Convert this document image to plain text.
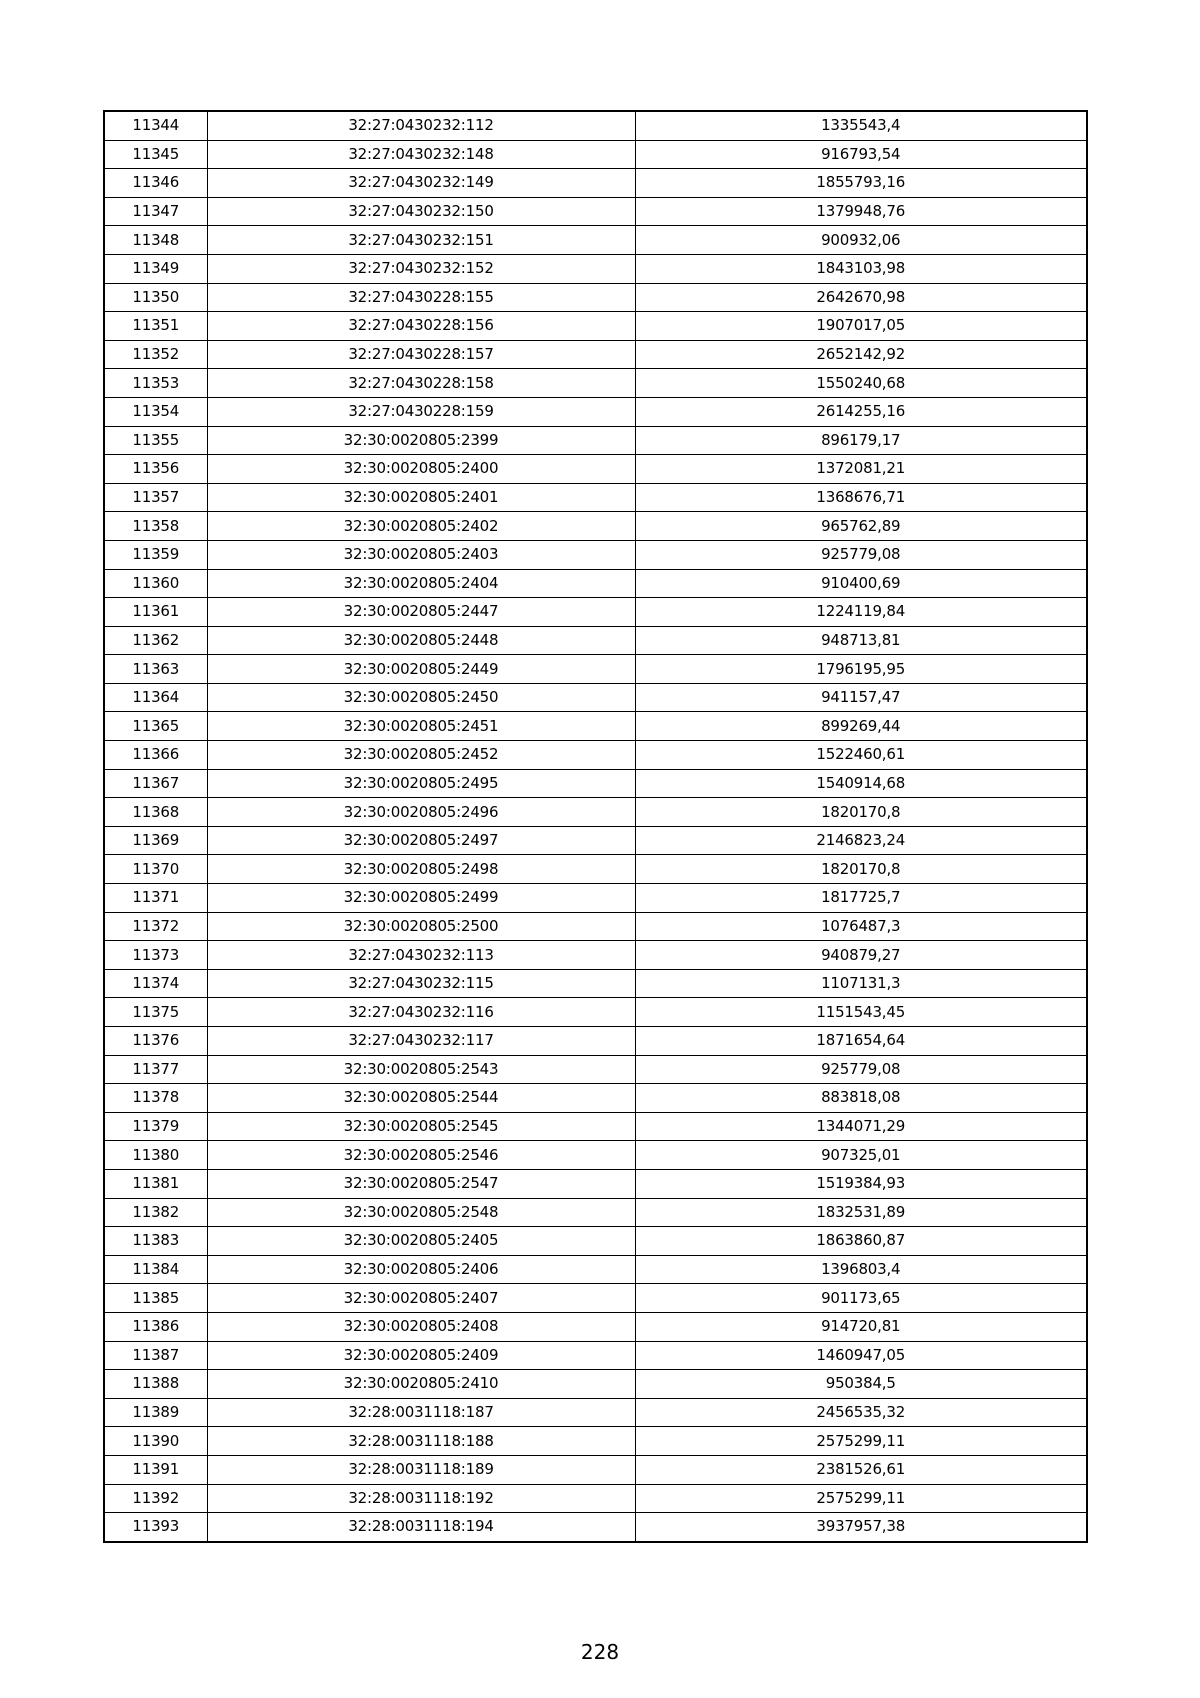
11344	32:27:0430232:112	1335543,4
11345	32:27:0430232:148	916793,54
11346	32:27:0430232:149	1855793,16
11347	32:27:0430232:150	1379948,76
11348	32:27:0430232:151	900932,06
11349	32:27:0430232:152	1843103,98
11350	32:27:0430228:155	2642670,98
11351	32:27:0430228:156	1907017,05
11352	32:27:0430228:157	2652142,92
11353	32:27:0430228:158	1550240,68
11354	32:27:0430228:159	2614255,16
11355	32:30:0020805:2399	896179,17
11356	32:30:0020805:2400	1372081,21
11357	32:30:0020805:2401	1368676,71
11358	32:30:0020805:2402	965762,89
11359	32:30:0020805:2403	925779,08
11360	32:30:0020805:2404	910400,69
11361	32:30:0020805:2447	1224119,84
11362	32:30:0020805:2448	948713,81
11363	32:30:0020805:2449	1796195,95
11364	32:30:0020805:2450	941157,47
11365	32:30:0020805:2451	899269,44
11366	32:30:0020805:2452	1522460,61
11367	32:30:0020805:2495	1540914,68
11368	32:30:0020805:2496	1820170,8
11369	32:30:0020805:2497	2146823,24
11370	32:30:0020805:2498	1820170,8
11371	32:30:0020805:2499	1817725,7
11372	32:30:0020805:2500	1076487,3
11373	32:27:0430232:113	940879,27
11374	32:27:0430232:115	1107131,3
11375	32:27:0430232:116	1151543,45
11376	32:27:0430232:117	1871654,64
11377	32:30:0020805:2543	925779,08
11378	32:30:0020805:2544	883818,08
11379	32:30:0020805:2545	1344071,29
11380	32:30:0020805:2546	907325,01
11381	32:30:0020805:2547	1519384,93
11382	32:30:0020805:2548	1832531,89
11383	32:30:0020805:2405	1863860,87
11384	32:30:0020805:2406	1396803,4
11385	32:30:0020805:2407	901173,65
11386	32:30:0020805:2408	914720,81
11387	32:30:0020805:2409	1460947,05
11388	32:30:0020805:2410	950384,5
11389	32:28:0031118:187	2456535,32
11390	32:28:0031118:188	2575299,11
11391	32:28:0031118:189	2381526,61
11392	32:28:0031118:192	2575299,11
11393	32:28:0031118:194	3937957,38
228
